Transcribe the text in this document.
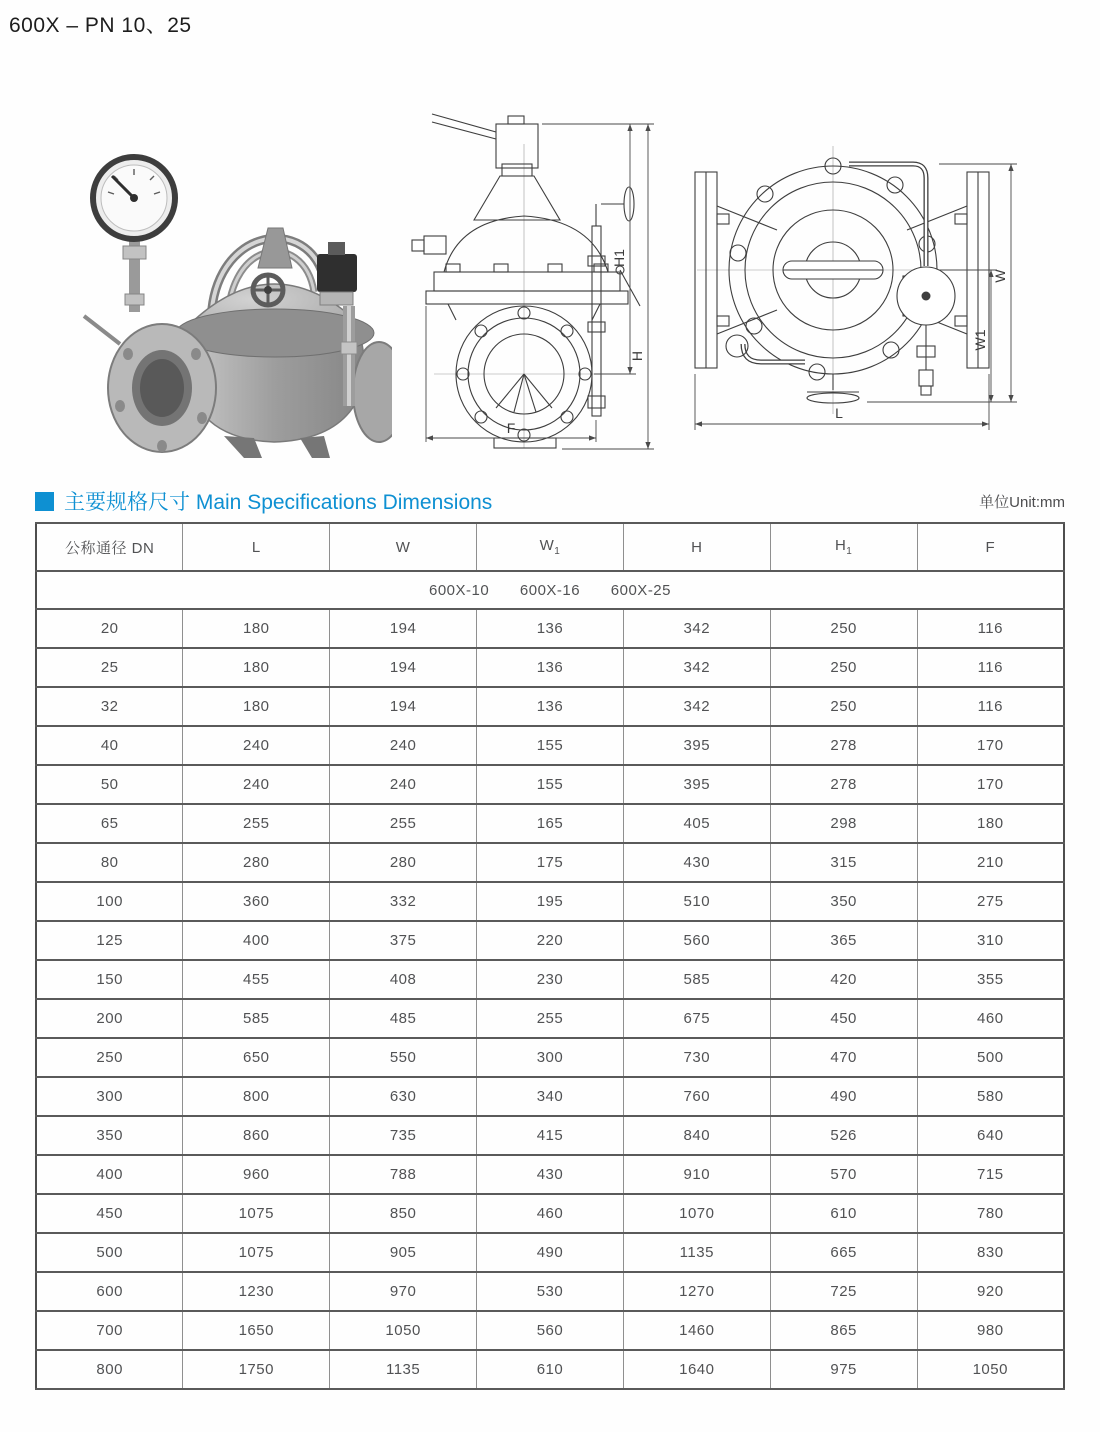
600X – PN 10、25
H1
H
F
W
W1
L
主要规格尺寸 Main Specifications Dimensions	单位Unit:mm
公称通径 DN	L	W	$W_1$	H	$H_1$	F
600X-10 600X-16 600X-25						
20	180	194	136	342	250	116
25	180	194	136	342	250	116
32	180	194	136	342	250	116
40	240	240	155	395	278	170
50	240	240	155	395	278	170
65	255	255	165	405	298	180
80	280	280	175	430	315	210
100	360	332	195	510	350	275
125	400	375	220	560	365	310
150	455	408	230	585	420	355
200	585	485	255	675	450	460
250	650	550	300	730	470	500
300	800	630	340	760	490	580
350	860	735	415	840	526	640
400	960	788	430	910	570	715
450	1075	850	460	1070	610	780
500	1075	905	490	1135	665	830
600	1230	970	530	1270	725	920
700	1650	1050	560	1460	865	980
800	1750	1135	610	1640	975	1050
